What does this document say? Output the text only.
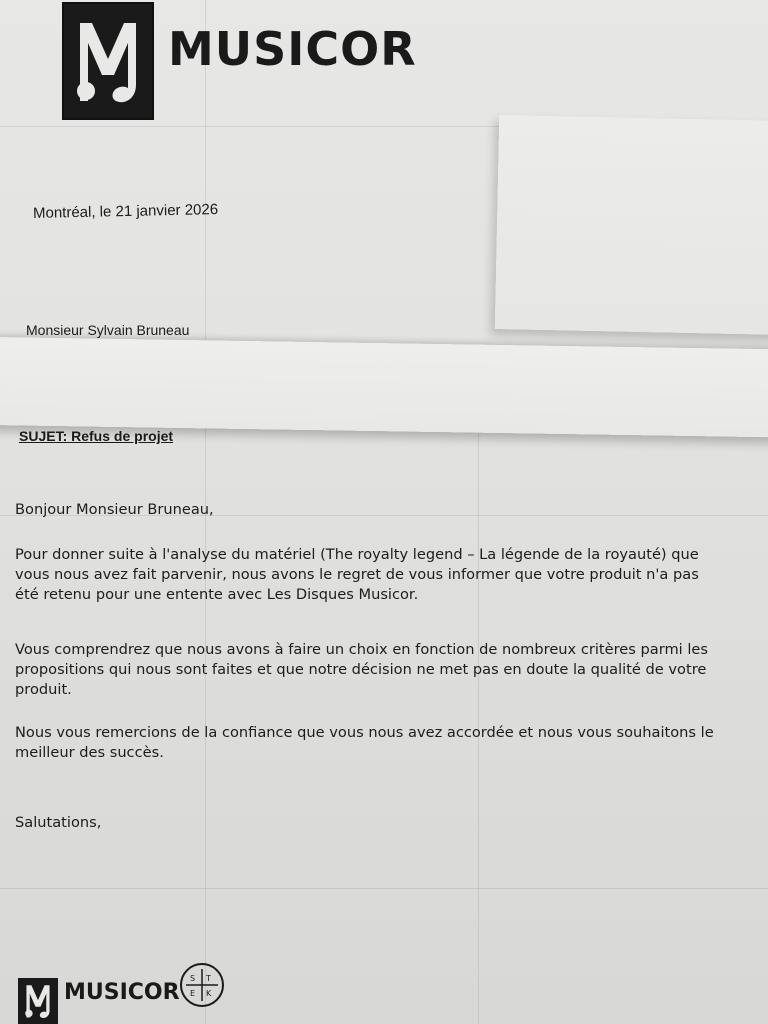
MUSICOR
Montréal, le 21 janvier 2026
Monsieur Sylvain Bruneau
SUJET: Refus de projet
Bonjour Monsieur Bruneau,
Pour donner suite à l'analyse du matériel (The royalty legend – La légende de la royauté) que vous nous avez fait parvenir, nous avons le regret de vous informer que votre produit n'a pas été retenu pour une entente avec Les Disques Musicor.
Vous comprendrez que nous avons à faire un choix en fonction de nombreux critères parmi les propositions qui nous sont faites et que notre décision ne met pas en doute la qualité de votre produit.
Nous vous remercions de la confiance que vous nous avez accordée et nous vous souhaitons le meilleur des succès.
Salutations,
MUSICOR
S T
E K
